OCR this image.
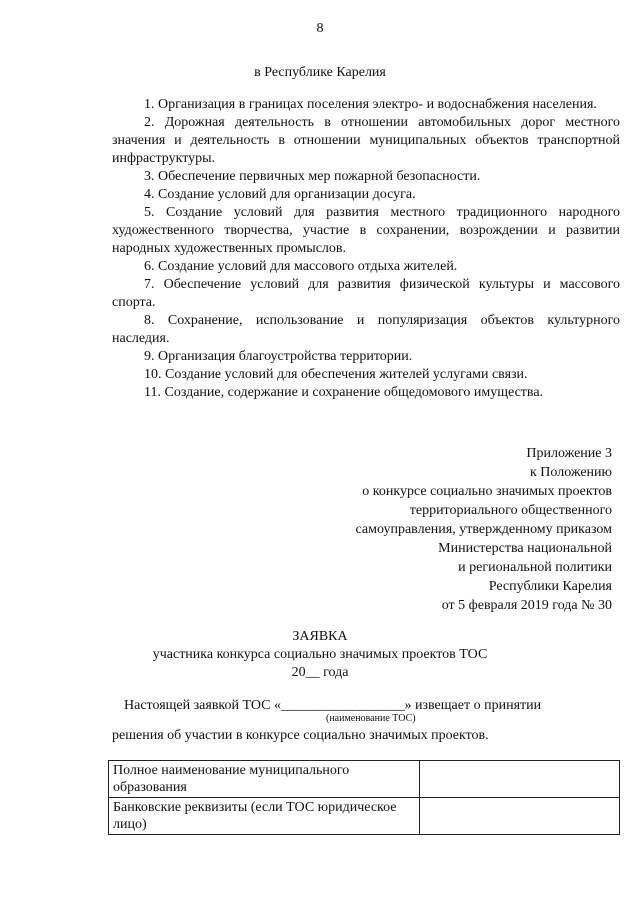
8
в Республике Карелия

1. Организация в границах поселения электро- и водоснабжения населения.

2. Дорожная деятельность в отношении автомобильных дорог местного значения и деятельность в отношении муниципальных объектов транспортной инфраструктуры.

3. Обеспечение первичных мер пожарной безопасности.

4. Создание условий для организации досуга.

5. Создание условий для развития местного традиционного народного художественного творчества, участие в сохранении, возрождении и развитии народных художественных промыслов.

6. Создание условий для массового отдыха жителей.

7. Обеспечение условий для развития физической культуры и массового спорта.

8. Сохранение, использование и популяризация объектов культурного наследия.

9. Организация благоустройства территории.

10. Создание условий для обеспечения жителей услугами связи.

11. Создание, содержание и сохранение общедомового имущества.

Приложение 3
к Положению
о конкурсе социально значимых проектов
территориального общественного
самоуправления, утвержденному приказом
Министерства национальной
и региональной политики
Республики Карелия
от 5 февраля 2019 года № 30
ЗАЯВКА
участника конкурса социально значимых проектов ТОС
20__ года
Настоящей заявкой ТОС «___________________» извещает о принятии
(наименование ТОС)
решения об участии в конкурсе социально значимых проектов.
Полное наименование муниципального образования	
Банковские реквизиты (если ТОС юридическое лицо)	
